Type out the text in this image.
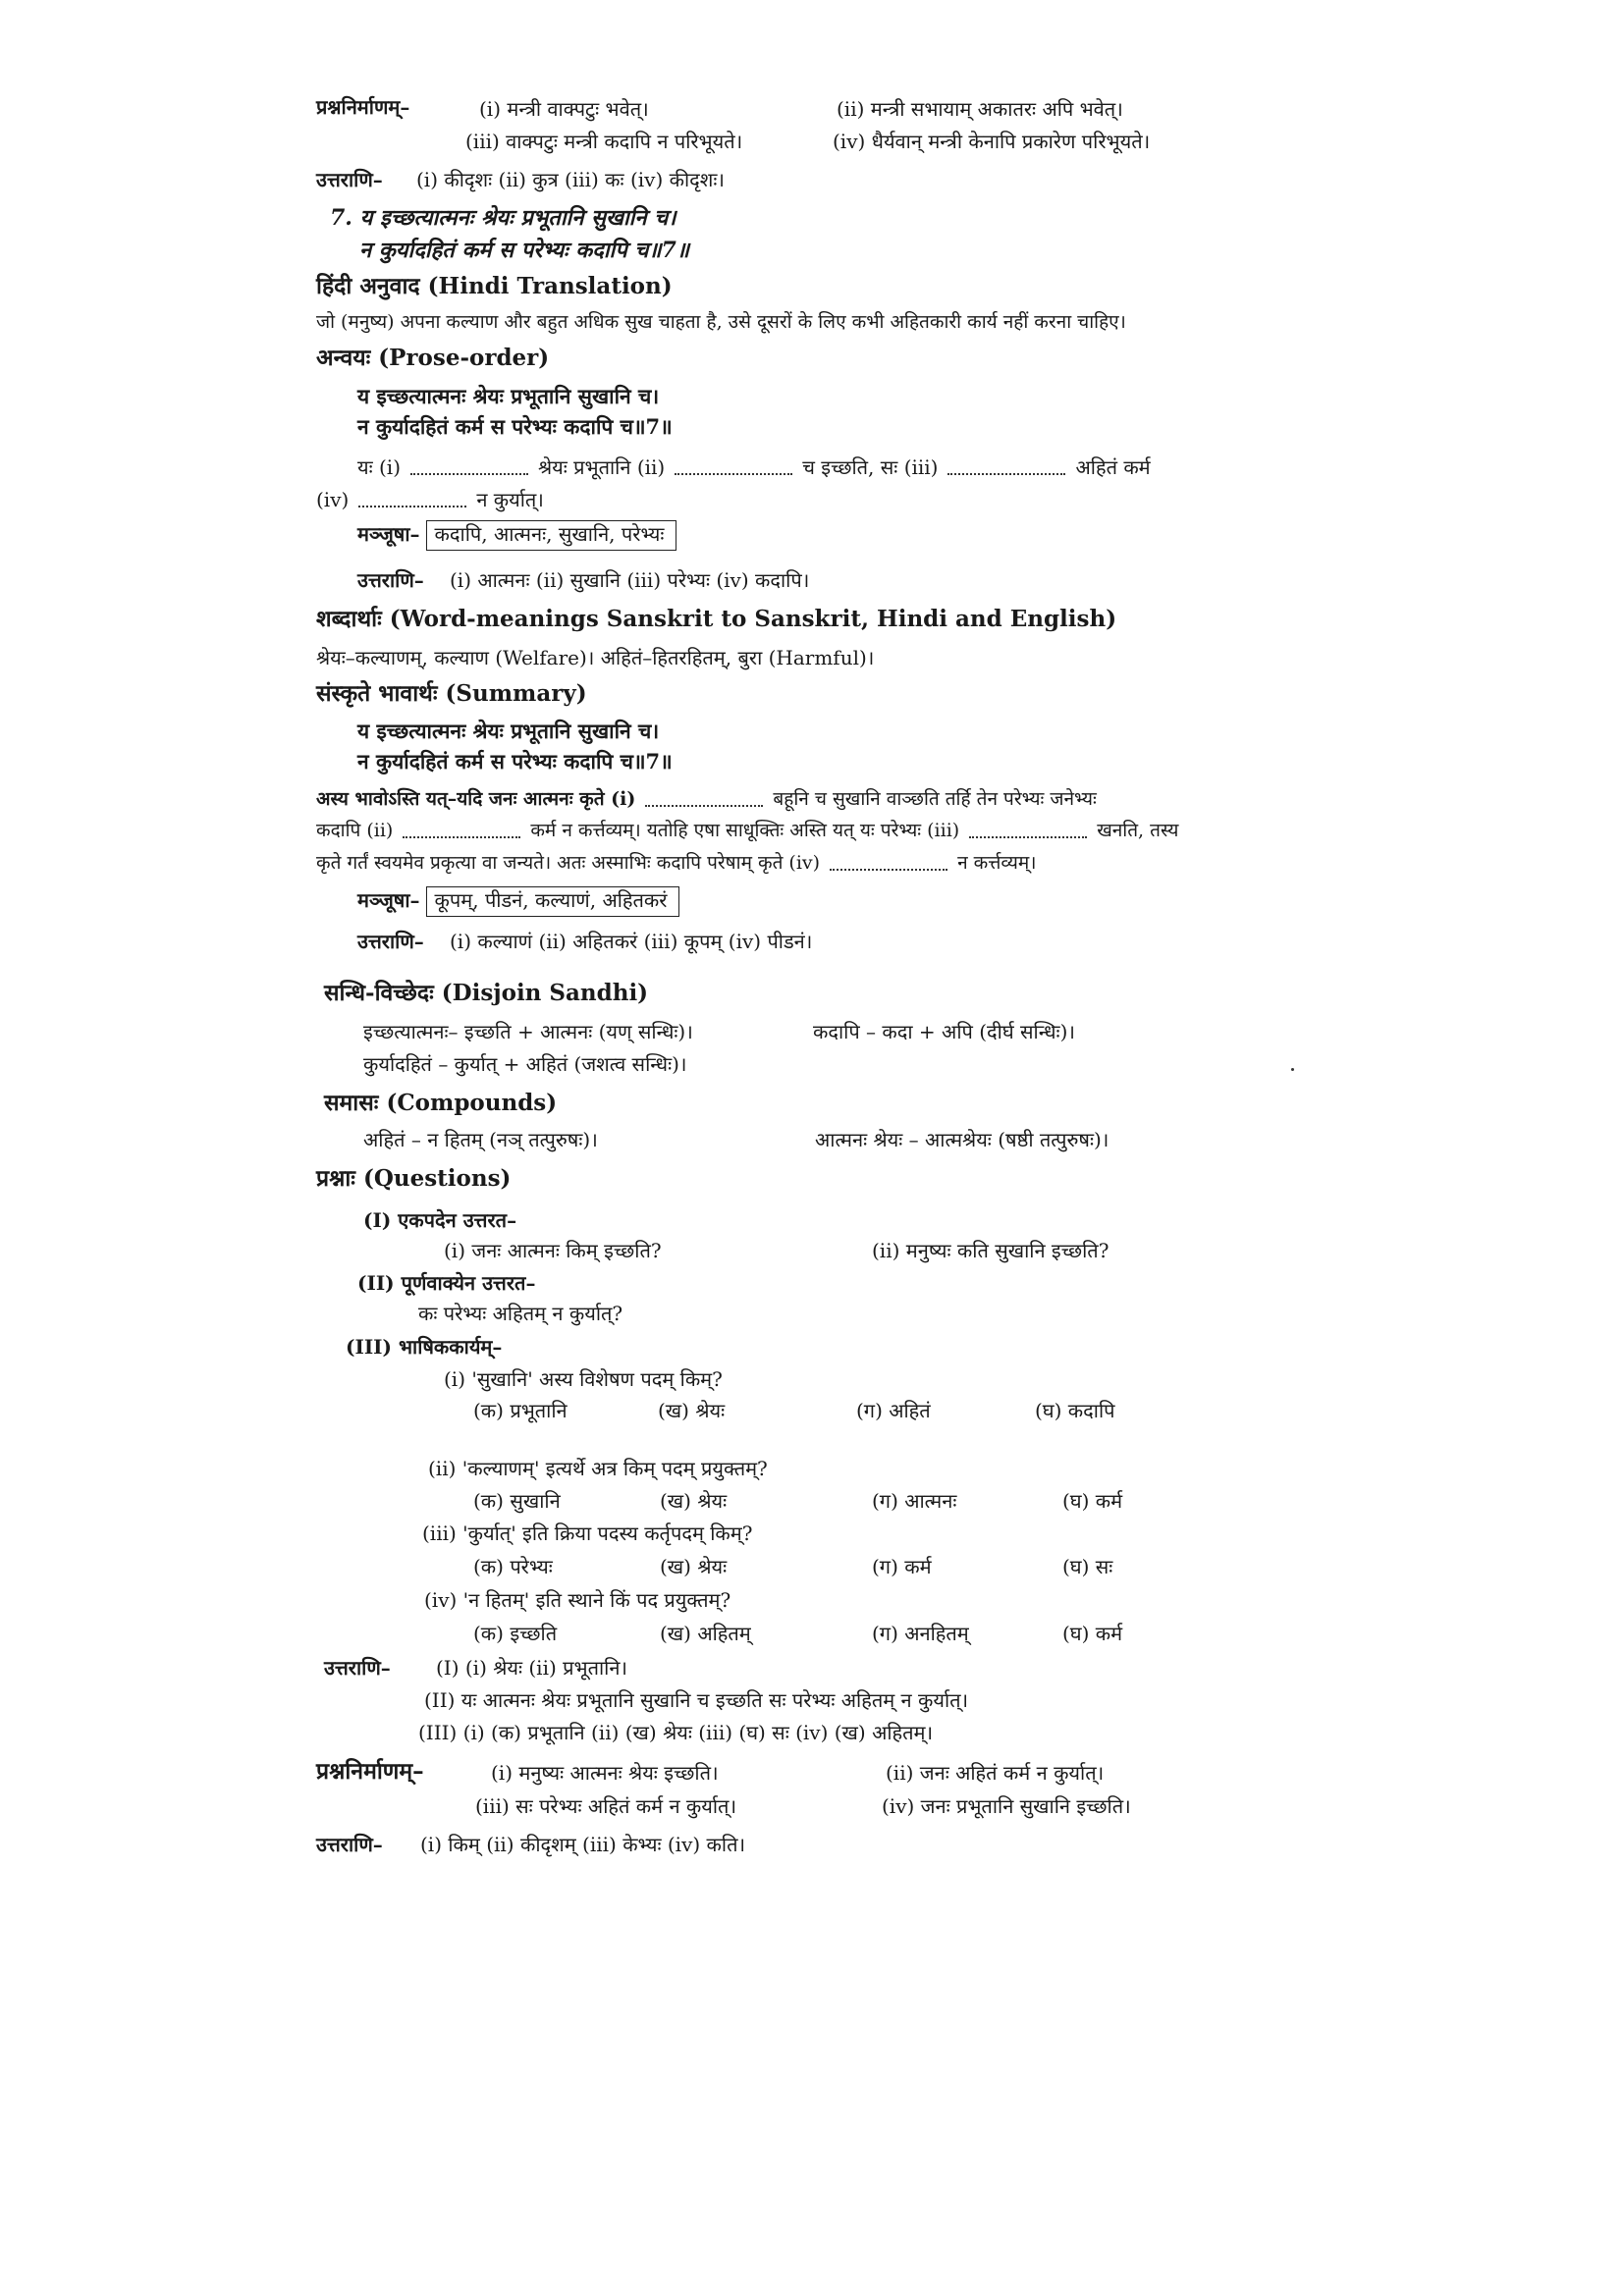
प्रश्ननिर्माणम्–	(i) मन्त्री वाक्पटुः भवेत्।	(ii) मन्त्री सभायाम् अकातरः अपि भवेत्।
(iii) वाक्पटुः मन्त्री कदापि न परिभूयते।	(iv) धैर्यवान् मन्त्री केनापि प्रकारेण परिभूयते।
उत्तराणि– (i) कीदृशः (ii) कुत्र (iii) कः (iv) कीदृशः।
7. य इच्छत्यात्मनः श्रेयः प्रभूतानि सुखानि च।
न कुर्यादहितं कर्म स परेभ्यः कदापि च॥7॥
हिंदी अनुवाद (Hindi Translation)
जो (मनुष्य) अपना कल्याण और बहुत अधिक सुख चाहता है, उसे दूसरों के लिए कभी अहितकारी कार्य नहीं करना चाहिए।
अन्वयः (Prose-order)
य इच्छत्यात्मनः श्रेयः प्रभूतानि सुखानि च।
न कुर्यादहितं कर्म स परेभ्यः कदापि च॥7॥
यः (i)	श्रेयः प्रभूतानि (ii)	च इच्छति, सः (iii)	अहितं कर्म
(iv)	न कुर्यात्।
मञ्जूषा– कदापि, आत्मनः, सुखानि, परेभ्यः
उत्तराणि– (i) आत्मनः (ii) सुखानि (iii) परेभ्यः (iv) कदापि।
शब्दार्थाः (Word-meanings Sanskrit to Sanskrit, Hindi and English)
श्रेयः–कल्याणम्, कल्याण (Welfare)। अहितं–हितरहितम्, बुरा (Harmful)।
संस्कृते भावार्थः (Summary)
य इच्छत्यात्मनः श्रेयः प्रभूतानि सुखानि च।
न कुर्यादहितं कर्म स परेभ्यः कदापि च॥7॥
अस्य भावोऽस्ति यत्–यदि जनः आत्मनः कृते (i)	बहूनि च सुखानि वाञ्छति तर्हि तेन परेभ्यः जनेभ्यः
कदापि (ii)	कर्म न कर्त्तव्यम्। यतोहि एषा साधूक्तिः अस्ति यत् यः परेभ्यः (iii)	खनति, तस्य
कृते गर्तं स्वयमेव प्रकृत्या वा जन्यते। अतः अस्माभिः कदापि परेषाम् कृते (iv)	न कर्त्तव्यम्।
मञ्जूषा– कूपम्, पीडनं, कल्याणं, अहितकरं
उत्तराणि– (i) कल्याणं (ii) अहितकरं (iii) कूपम् (iv) पीडनं।
सन्धि-विच्छेदः (Disjoin Sandhi)
इच्छत्यात्मनः– इच्छति + आत्मनः (यण् सन्धिः)।	कदापि – कदा + अपि (दीर्घ सन्धिः)।
कुर्यादहितं – कुर्यात् + अहितं (जशत्व सन्धिः)।
समासः (Compounds)
अहितं – न हितम् (नञ् तत्पुरुषः)।	आत्मनः श्रेयः – आत्मश्रेयः (षष्ठी तत्पुरुषः)।
प्रश्नाः (Questions)
(I) एकपदेन उत्तरत–
(i) जनः आत्मनः किम् इच्छति?	(ii) मनुष्यः कति सुखानि इच्छति?
(II) पूर्णवाक्येन उत्तरत–
कः परेभ्यः अहितम् न कुर्यात्?
(III) भाषिककार्यम्–
(i) 'सुखानि' अस्य विशेषण पदम् किम्?
(क) प्रभूतानि	(ख) श्रेयः	(ग) अहितं	(घ) कदापि
(ii) 'कल्याणम्' इत्यर्थे अत्र किम् पदम् प्रयुक्तम्?
(क) सुखानि	(ख) श्रेयः	(ग) आत्मनः	(घ) कर्म
(iii) 'कुर्यात्' इति क्रिया पदस्य कर्तृपदम् किम्?
(क) परेभ्यः	(ख) श्रेयः	(ग) कर्म	(घ) सः
(iv) 'न हितम्' इति स्थाने किं पद प्रयुक्तम्?
(क) इच्छति	(ख) अहितम्	(ग) अनहितम्	(घ) कर्म
उत्तराणि– (I) (i) श्रेयः (ii) प्रभूतानि।
(II) यः आत्मनः श्रेयः प्रभूतानि सुखानि च इच्छति सः परेभ्यः अहितम् न कुर्यात्।
(III) (i) (क) प्रभूतानि (ii) (ख) श्रेयः (iii) (घ) सः (iv) (ख) अहितम्।
प्रश्ननिर्माणम्–	(i) मनुष्यः आत्मनः श्रेयः इच्छति।	(ii) जनः अहितं कर्म न कुर्यात्।
(iii) सः परेभ्यः अहितं कर्म न कुर्यात्।	(iv) जनः प्रभूतानि सुखानि इच्छति।
उत्तराणि– (i) किम् (ii) कीदृशम् (iii) केभ्यः (iv) कति।
